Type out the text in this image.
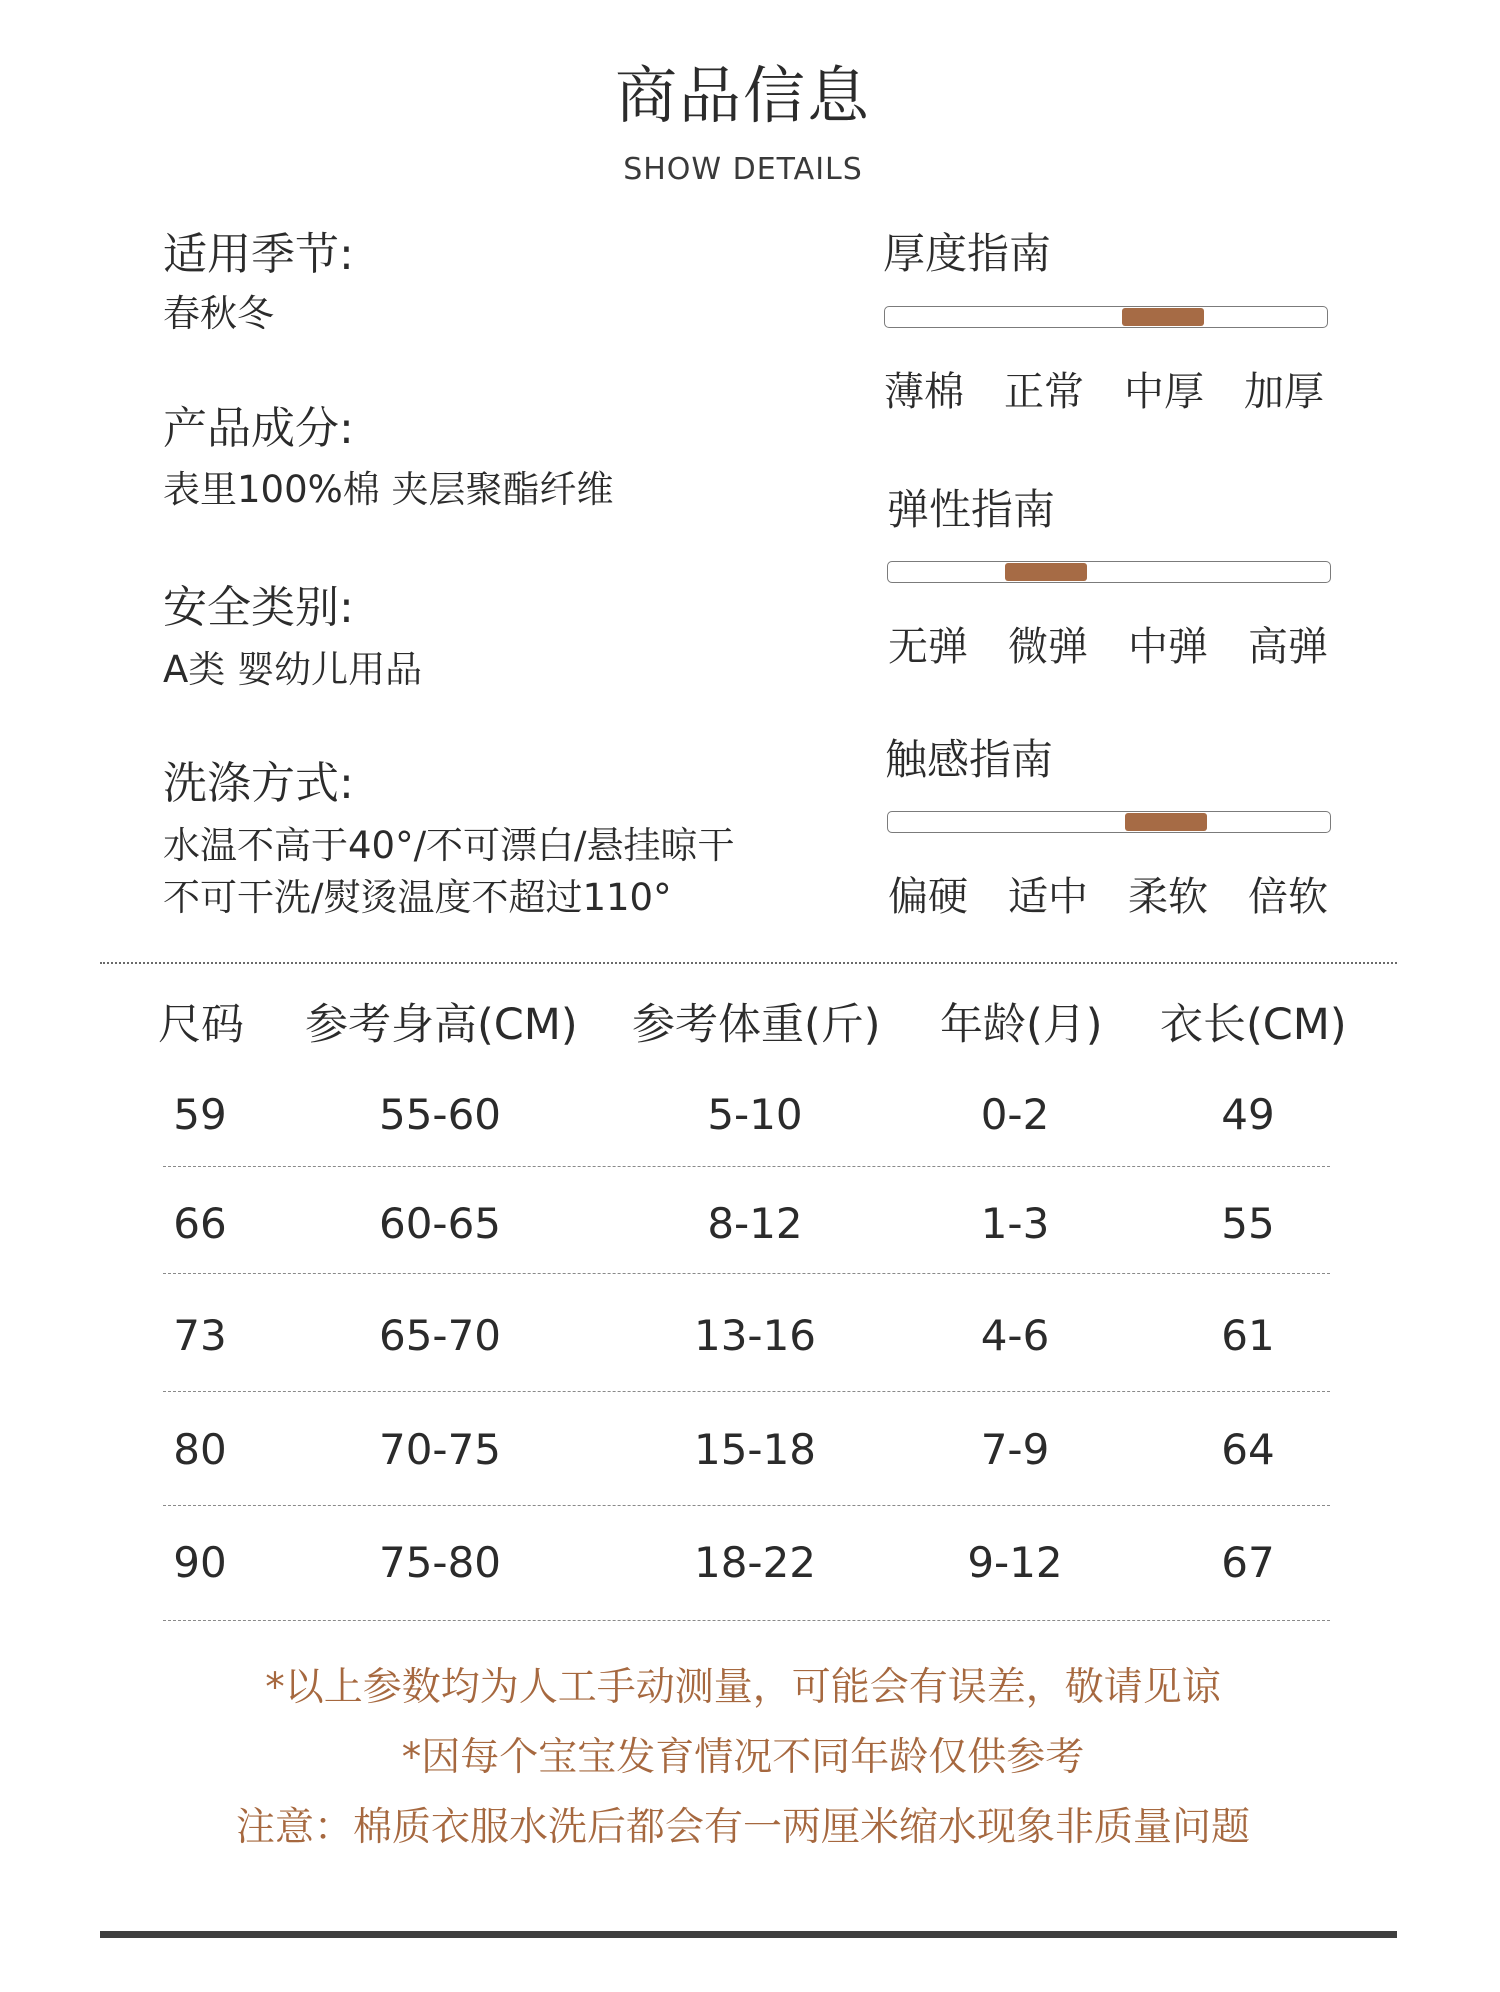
商品信息
SHOW DETAILS
适用季节:
春秋冬
产品成分:
表里100%棉 夹层聚酯纤维
安全类别:
A类 婴幼儿用品
洗涤方式:
水温不高于40°/不可漂白/悬挂晾干
不可干洗/熨烫温度不超过110°
厚度指南
薄棉 正常 中厚 加厚
弹性指南
无弹 微弹 中弹 高弹
触感指南
偏硬 适中 柔软 倍软
尺码 参考身高(CM) 参考体重(斤) 年龄(月) 衣长(CM)
59	55-60	5-10	0-2	49
66	60-65	8-12	1-3	55
73	65-70	13-16	4-6	61
80	70-75	15-18	7-9	64
90	75-80	18-22	9-12	67
*以上参数均为人工手动测量，可能会有误差，敬请见谅
*因每个宝宝发育情况不同年龄仅供参考
注意：棉质衣服水洗后都会有一两厘米缩水现象非质量问题
